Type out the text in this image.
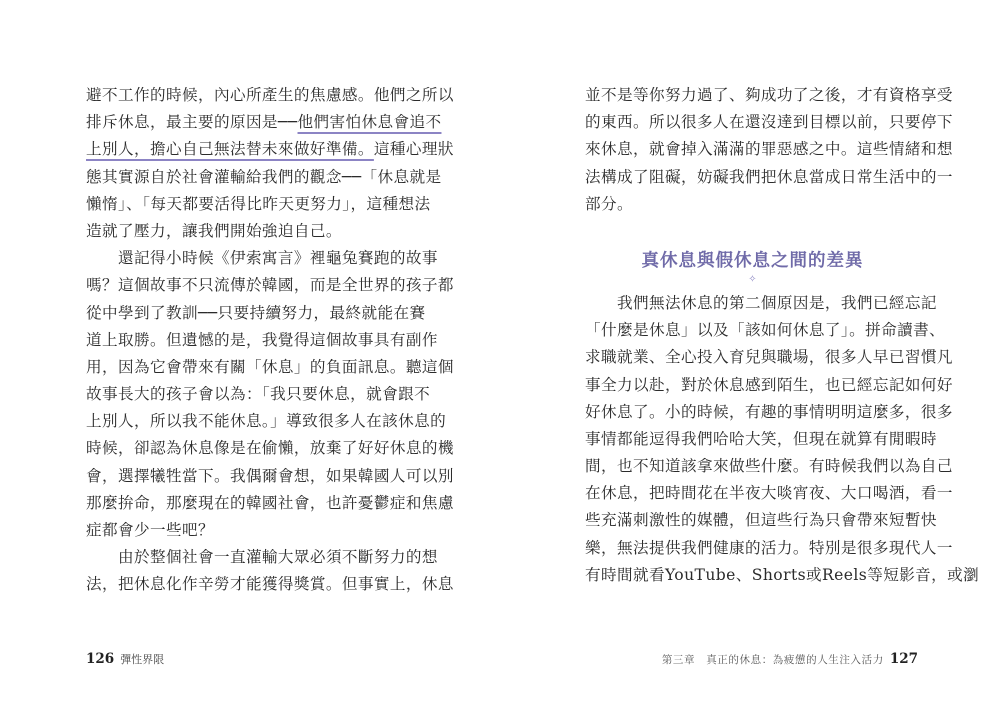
避不工作的時候，內心所產生的焦慮感。他們之所以
排斥休息，最主要的原因是──他們害怕休息會追不
上別人，擔心自己無法替未來做好準備。這種心理狀
態其實源自於社會灌輸給我們的觀念──「休息就是
懶惰」、「每天都要活得比昨天更努力」，這種想法
造就了壓力，讓我們開始強迫自己。
　　還記得小時候《伊索寓言》裡龜兔賽跑的故事
嗎？這個故事不只流傳於韓國，而是全世界的孩子都
從中學到了教訓──只要持續努力，最終就能在賽
道上取勝。但遺憾的是，我覺得這個故事具有副作
用，因為它會帶來有關「休息」的負面訊息。聽這個
故事長大的孩子會以為：「我只要休息，就會跟不
上別人，所以我不能休息。」導致很多人在該休息的
時候，卻認為休息像是在偷懶，放棄了好好休息的機
會，選擇犧牲當下。我偶爾會想，如果韓國人可以別
那麼拚命，那麼現在的韓國社會，也許憂鬱症和焦慮
症都會少一些吧？
　　由於整個社會一直灌輸大眾必須不斷努力的想
法，把休息化作辛勞才能獲得獎賞。但事實上，休息
並不是等你努力過了、夠成功了之後，才有資格享受
的東西。所以很多人在還沒達到目標以前，只要停下
來休息，就會掉入滿滿的罪惡感之中。這些情緒和想
法構成了阻礙，妨礙我們把休息當成日常生活中的一
部分。
真休息與假休息之間的差異
✧
　　我們無法休息的第二個原因是，我們已經忘記
「什麼是休息」以及「該如何休息了」。拼命讀書、
求職就業、全心投入育兒與職場，很多人早已習慣凡
事全力以赴，對於休息感到陌生，也已經忘記如何好
好休息了。小的時候，有趣的事情明明這麼多，很多
事情都能逗得我們哈哈大笑，但現在就算有閒暇時
間，也不知道該拿來做些什麼。有時候我們以為自己
在休息，把時間花在半夜大啖宵夜、大口喝酒，看一
些充滿刺激性的媒體，但這些行為只會帶來短暫快
樂，無法提供我們健康的活力。特別是很多現代人一
有時間就看YouTube、Shorts或Reels等短影音，或瀏
126 彈性界限	第三章　真正的休息：為疲憊的人生注入活力 127
